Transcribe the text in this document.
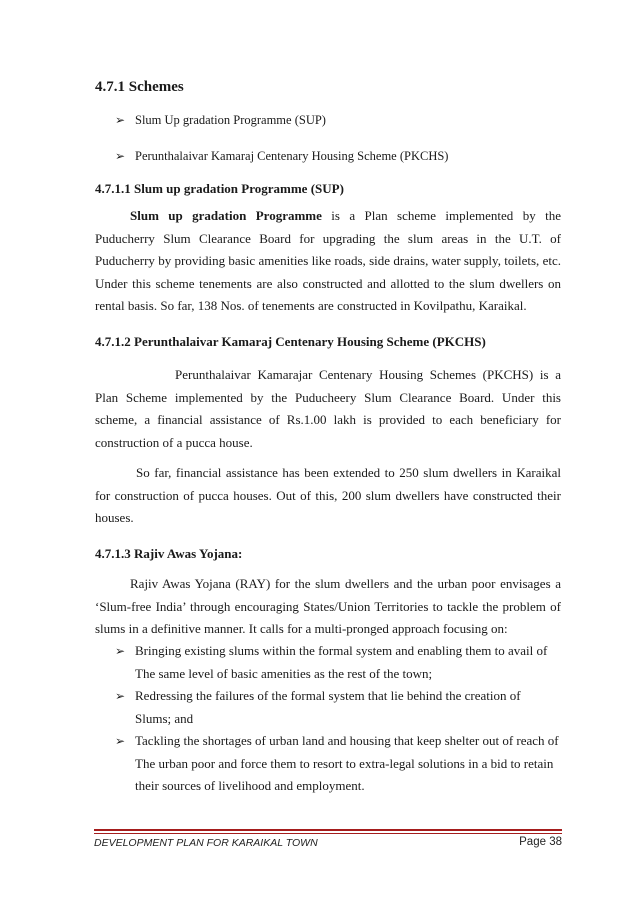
4.7.1 Schemes
➢ Slum Up gradation Programme (SUP)
➢ Perunthalaivar Kamaraj Centenary Housing Scheme (PKCHS)
4.7.1.1 Slum up gradation Programme (SUP)

Slum up gradation Programme is a Plan scheme implemented by the Puducherry Slum Clearance Board for upgrading the slum areas in the U.T. of Puducherry by providing basic amenities like roads, side drains, water supply, toilets, etc. Under this scheme tenements are also constructed and allotted to the slum dwellers on rental basis. So far, 138 Nos. of tenements are constructed in Kovilpathu, Karaikal.

4.7.1.2 Perunthalaivar Kamaraj Centenary Housing Scheme (PKCHS)

Perunthalaivar Kamarajar Centenary Housing Schemes (PKCHS) is a Plan Scheme implemented by the Puducheery Slum Clearance Board. Under this scheme, a financial assistance of Rs.1.00 lakh is provided to each beneficiary for construction of a pucca house.

So far, financial assistance has been extended to 250 slum dwellers in Karaikal for construction of pucca houses. Out of this, 200 slum dwellers have constructed their houses.

4.7.1.3 Rajiv Awas Yojana:

Rajiv Awas Yojana (RAY) for the slum dwellers and the urban poor envisages a ‘Slum-free India’ through encouraging States/Union Territories to tackle the problem of slums in a definitive manner. It calls for a multi-pronged approach focusing on:

➢ Bringing existing slums within the formal system and enabling them to avail of
The same level of basic amenities as the rest of the town;
➢ Redressing the failures of the formal system that lie behind the creation of
Slums; and
➢ Tackling the shortages of urban land and housing that keep shelter out of reach of
The urban poor and force them to resort to extra-legal solutions in a bid to retain
their sources of livelihood and employment.
DEVELOPMENT PLAN FOR KARAIKAL TOWN	Page 38
